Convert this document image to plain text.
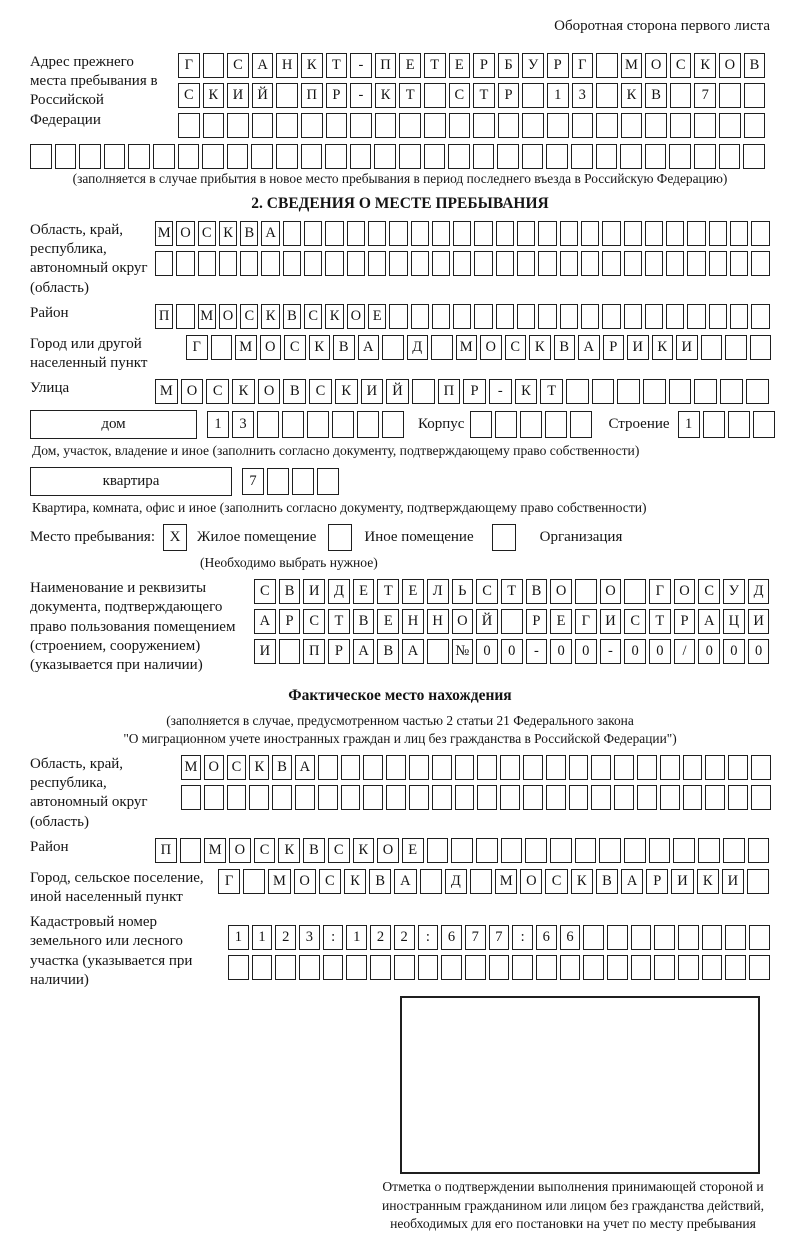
Оборотная сторона первого листа
Адрес прежнего места пребывания в Российской Федерации
Г	С	А Н	К	Т	-	П	Е	Т	Е	Р	Б	У	Р	Г	М О	С	К	О	В
С	К	И Й	П	Р	-	К	Т	С	Т	Р	1	3	К	В	7
(заполняется в случае прибытия в новое место пребывания в период последнего въезда в Российскую Федерацию)
2. СВЕДЕНИЯ О МЕСТЕ ПРЕБЫВАНИЯ
Область, край, республика, автономный округ (область)
М О С К В А
Район	П М О С К В С К О Е
Город или другой населенный пункт
Г	М О С	К	В А	Д	М О С	К	В А	Р	И К И
Улица	М О	С	К	О	В	С	К	И	Й	П	Р	-	К	Т
дом	1	3	Корпус	Строение	1
Дом, участок, владение и иное (заполнить согласно документу, подтверждающему право собственности)
квартира	7
Квартира, комната, офис и иное (заполнить согласно документу, подтверждающему право собственности)
Место пребывания: X	Жилое помещение	Иное помещение	Организация
(Необходимо выбрать нужное)
Наименование и реквизиты документа, подтверждающего право пользования помещением (строением, сооружением) (указывается при наличии)
С	В	И	Д	Е	Т	Е	Л	Ь	С	Т	В	О	О	Г	О	С	У	Д
А	Р	С	Т	В	Е	Н Н О Й	Р	Е	Г	И	С	Т	Р	А Ц И
И	П	Р	А	В	А	№ 0	0	-	0	0	-	0	0	/	0	0	0
Фактическое место нахождения
(заполняется в случае, предусмотренном частью 2 статьи 21 Федерального закона
"О миграционном учете иностранных граждан и лиц без гражданства в Российской Федерации")
Область, край, республика, автономный округ (область)
М О С К В А
Район	П	М О	С	К	В	С	К	О	Е
Город, сельское поселение, иной населенный пункт
Г	М О	С	К	В	А	Д	М О	С	К	В	А	Р	И	К	И
Кадастровый номер земельного или лесного участка (указывается при наличии)
1	1	2	3	:	1	2	2	:	6	7	7	:	6	6
Отметка о подтверждении выполнения принимающей стороной и иностранным гражданином или лицом без гражданства действий, необходимых для его постановки на учет по месту пребывания
